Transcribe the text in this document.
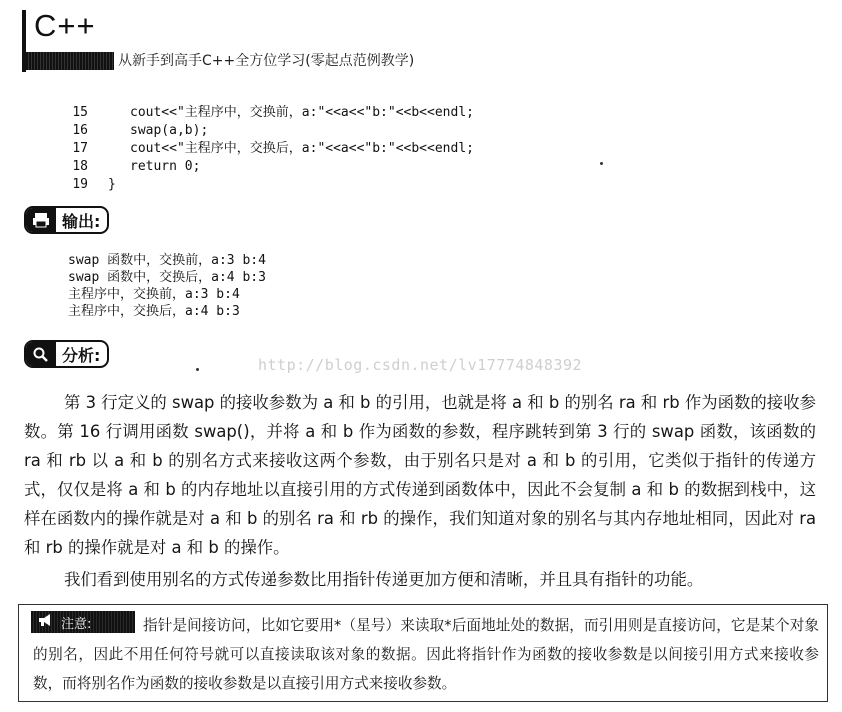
C++
从新手到高手C++全方位学习(零起点范例教学)
15	cout<<"主程序中，交换前，a:"<<a<<"b:"<<b<<endl;
16	swap(a,b);
17	cout<<"主程序中，交换后，a:"<<a<<"b:"<<b<<endl;
18	return 0;
19 }
输出:
swap 函数中，交换前，a:3 b:4
swap 函数中，交换后，a:4 b:3
主程序中，交换前，a:3 b:4
主程序中，交换后，a:4 b:3
分析:
http://blog.csdn.net/lv17774848392
第 3 行定义的 swap 的接收参数为 a 和 b 的引用，也就是将 a 和 b 的别名 ra 和 rb 作为函数的接收参数。第 16 行调用函数 swap()，并将 a 和 b 作为函数的参数，程序跳转到第 3 行的 swap 函数，该函数的 ra 和 rb 以 a 和 b 的别名方式来接收这两个参数，由于别名只是对 a 和 b 的引用，它类似于指针的传递方式，仅仅是将 a 和 b 的内存地址以直接引用的方式传递到函数体中，因此不会复制 a 和 b 的数据到栈中，这样在函数内的操作就是对 a 和 b 的别名 ra 和 rb 的操作，我们知道对象的别名与其内存地址相同，因此对 ra 和 rb 的操作就是对 a 和 b 的操作。
我们看到使用别名的方式传递参数比用指针传递更加方便和清晰，并且具有指针的功能。
指针是间接访问，比如它要用*（星号）来读取*后面地址处的数据，而引用则是直接访问，它是某个对象的别名，因此不用任何符号就可以直接读取该对象的数据。因此将指针作为函数的接收参数是以间接引用方式来接收参数，而将别名作为函数的接收参数是以直接引用方式来接收参数。
注意:
